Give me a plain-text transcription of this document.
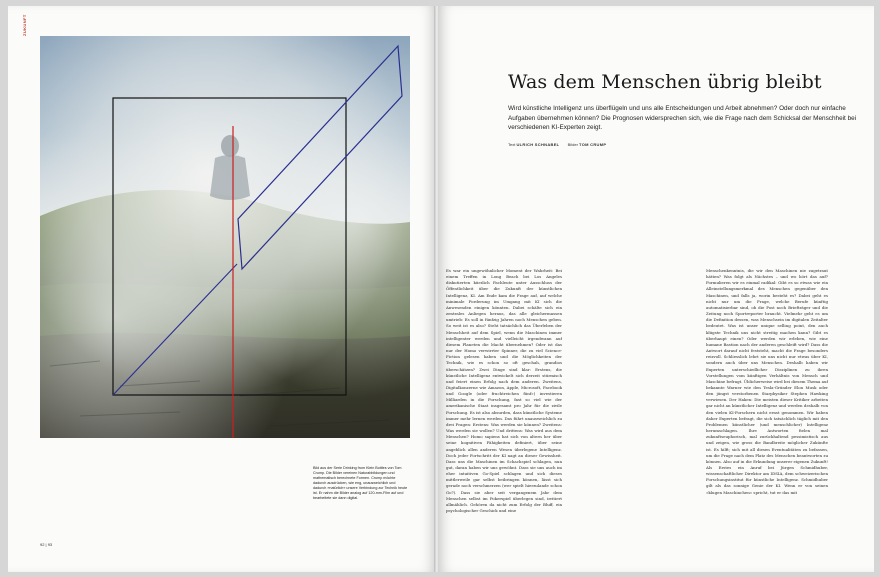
ZUKUNFT
Bild aus der Serie Drinking from Klein Bottles von Tom Crump. Die Bilder vereinen Naturabbildungen und mathematisch berechnete Formen. Crump möchte dadurch ausdrücken, wie eng, unausweichlich und dadurch »natürlich« unsere Verbindung zur Technik heute ist. Er nahm die Bilder analog auf 120-mm-Film auf und bearbeitete sie dann digital.
92 | 93
Was dem Menschen übrig bleibt
Wird künstliche Intelligenz uns überflügeln und uns alle Entscheidungen und Arbeit abnehmen? Oder doch nur einfache Aufgaben übernehmen können? Die Prognosen widersprechen sich, wie die Frage nach dem Schicksal der Menschheit bei verschiedenen KI-Experten zeigt.
Text ULRICH SCHNABEL Bilder TOM CRUMP
Es war ein ungewöhnlicher Moment der Wahrheit: Bei einem Treffen in Long Beach bei Los Angeles diskutierten kürzlich Fachleute unter Ausschluss der Öffentlichkeit über die Zukunft der künstlichen Intelligenz, KI. Am Ende kam die Frage auf, auf welche minimale Forderung im Umgang mit KI sich die Anwesenden einigen könnten. Dabei schälte sich ein zentrales Anliegen heraus, das alle gleichermassen umtrieb: Es soll in fünfzig Jahren noch Menschen geben. So weit ist es also? Steht tatsächlich das Überleben der Menschheit auf dem Spiel, wenn die Maschinen immer intelligenter werden und vielleicht irgendwann auf diesem Planeten die Macht übernehmen? Oder ist das nur der Homo verwirrter Spinner, die zu viel Science-Fiction gelesen haben und die Möglichkeiten der Technik, wie es schon so oft geschah, grandios überschätzen? Zwei Dinge sind klar: Erstens, die künstliche Intelligenz entwickelt sich derzeit stürmisch und feiert einen Erfolg nach dem anderen. Zweitens, Digitalkonzerne wie Amazon, Apple, Microsoft, Facebook und Google (oder fruchtreichen fünf») investieren Milliarden in die Forschung, fast so viel wie der amerikanische Staat insgesamt pro Jahr für die zivile Forschung. Es ist also absurden, dass künstliche Systeme immer mehr lernen werden. Das führt unausweichlich zu drei Fragen: Erstens: Was werden sie können? Zweitens: Was werden sie wollen? Und drittens: Was wird aus dem Menschen? Homo sapiens hat sich von altern her über seine kognitiven Fähigkeiten definiert, über seine angeblich allen anderen Wesen überlegene Intelligenz. Doch jeder Fortschritt der KI nagt an dieser Gewissheit. Dass uns die Maschinen im Schachspiel schlagen, nun gut, daran haben wir uns gewöhnt. Dass sie uns auch im eher intuitiven Go-Spiel schlagen und sich dieses mittlerweile gar selbst beibringen können, lässt sich gerade noch verschmerzen (wer spielt hierzulande schon Go?). Dass sie aber seit vergangenem Jahr dem Menschen selbst im Pokerspiel überlegen sind, irritiert allmählich. Gehören da nicht zum Erfolg der Bluff, ein psychologischer Geschick und eine
Menschenkenntnis, die wir den Maschinen nie zugetraut hätten? Was folgt als Nächstes – und wo hört das auf? Formulieren wir es einmal radikal: Gibt es so etwas wie ein Alleinstellungsmerkmal des Menschen gegenüber den Maschinen, und falls ja, worin besteht es? Dabei geht es nicht nur um die Frage, welche Berufe künftig automatisierbar sind, ob die Post noch Briefträger und die Zeitung noch Sportreporter braucht. Vielmehr geht es um die Definition dessen, was Menschsein im digitalen Zeitalter bedeutet. Was ist unser unique selling point, den auch klügste Technik uns nicht streitig machen kann? Gibt es überhaupt einen? Oder werden wir erleben, wie eine humane Bastion nach der anderen geschleift wird? Dass die Antwort darauf nicht feststeht, macht die Frage besonders reizvoll. Schliesslich lehrt sie uns nicht nur etwas über KI, sondern auch über uns Menschen. Deshalb haben wir Experten unterschiedlicher Disziplinen zu ihren Vorstellungen vom künftigen Verhältnis von Mensch und Maschine befragt. Üblicherweise wird bei diesem Thema auf bekannte Warner wie den Tesla-Gründer Elon Musk oder den jüngst verstorbenen Starphysiker Stephen Hawking verwiesen. Der Haken: Die meisten dieser Kritiker arbeiten gar nicht an künstlicher Intelligenz und werden deshalb von den vielen KI-Forschern nicht ernst genommen. Wir haben daher Experten befragt, die sich tatsächlich täglich mit den Problemen künstlicher (und menschlicher) Intelligenz herumschlagen. Ihre Antworten fielen mal zukunftseuphorisch, mal zurückhaltend pessimistisch aus und zeigen, wie gross die Bandbreite möglicher Zukünfte ist. Es hilft; sich mit all diesen Eventualitäten zu befassen, um die Frage nach dem Platz des Menschen beantworten zu können. Also auf in die Erkundung unserer eigenen Zukunft! Als Erstes ein Anruf bei Jürgen Schmidhuber, wissenschaftlicher Direktor am IDSIA, dem schweizerischen Forschungsinstitut für künstliche Intelligenz. Schmidhuber gilt als das sonnige Genie der KI. Wenn er von seinen »klugen Maschinchen« spricht, tut er das mit
